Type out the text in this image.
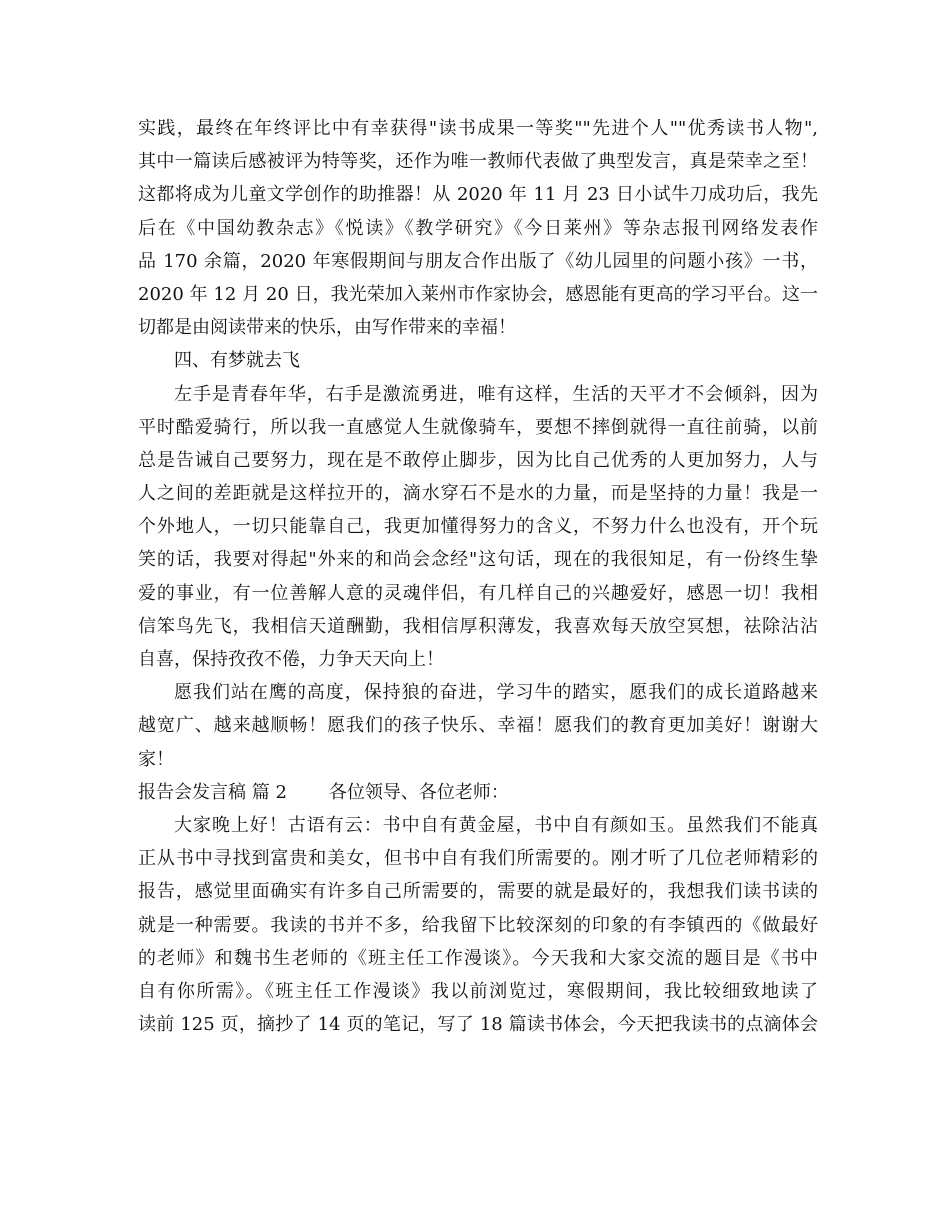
实践，最终在年终评比中有幸获得"读书成果一等奖""先进个人""优秀读书人物",
其中一篇读后感被评为特等奖，还作为唯一教师代表做了典型发言，真是荣幸之至！
这都将成为儿童文学创作的助推器！从 2020 年 11 月 23 日小试牛刀成功后，我先
后在《中国幼教杂志》《悦读》《教学研究》《今日莱州》等杂志报刊网络发表作
品 170 余篇，2020 年寒假期间与朋友合作出版了《幼儿园里的问题小孩》一书，
2020 年 12 月 20 日，我光荣加入莱州市作家协会，感恩能有更高的学习平台。这一
切都是由阅读带来的快乐，由写作带来的幸福！
四、有梦就去飞
左手是青春年华，右手是激流勇进，唯有这样，生活的天平才不会倾斜，因为
平时酷爱骑行，所以我一直感觉人生就像骑车，要想不摔倒就得一直往前骑，以前
总是告诫自己要努力，现在是不敢停止脚步，因为比自己优秀的人更加努力，人与
人之间的差距就是这样拉开的，滴水穿石不是水的力量，而是坚持的力量！我是一
个外地人，一切只能靠自己，我更加懂得努力的含义，不努力什么也没有，开个玩
笑的话，我要对得起"外来的和尚会念经"这句话，现在的我很知足，有一份终生挚
爱的事业，有一位善解人意的灵魂伴侣，有几样自己的兴趣爱好，感恩一切！我相
信笨鸟先飞，我相信天道酬勤，我相信厚积薄发，我喜欢每天放空冥想，祛除沾沾
自喜，保持孜孜不倦，力争天天向上！
愿我们站在鹰的高度，保持狼的奋进，学习牛的踏实，愿我们的成长道路越来
越宽广、越来越顺畅！愿我们的孩子快乐、幸福！愿我们的教育更加美好！谢谢大
家！
报告会发言稿 篇 2 各位领导、各位老师：
大家晚上好！古语有云：书中自有黄金屋，书中自有颜如玉。虽然我们不能真
正从书中寻找到富贵和美女，但书中自有我们所需要的。刚才听了几位老师精彩的
报告，感觉里面确实有许多自己所需要的，需要的就是最好的，我想我们读书读的
就是一种需要。我读的书并不多，给我留下比较深刻的印象的有李镇西的《做最好
的老师》和魏书生老师的《班主任工作漫谈》。今天我和大家交流的题目是《书中
自有你所需》。《班主任工作漫谈》我以前浏览过，寒假期间，我比较细致地读了
读前 125 页，摘抄了 14 页的笔记，写了 18 篇读书体会，今天把我读书的点滴体会
